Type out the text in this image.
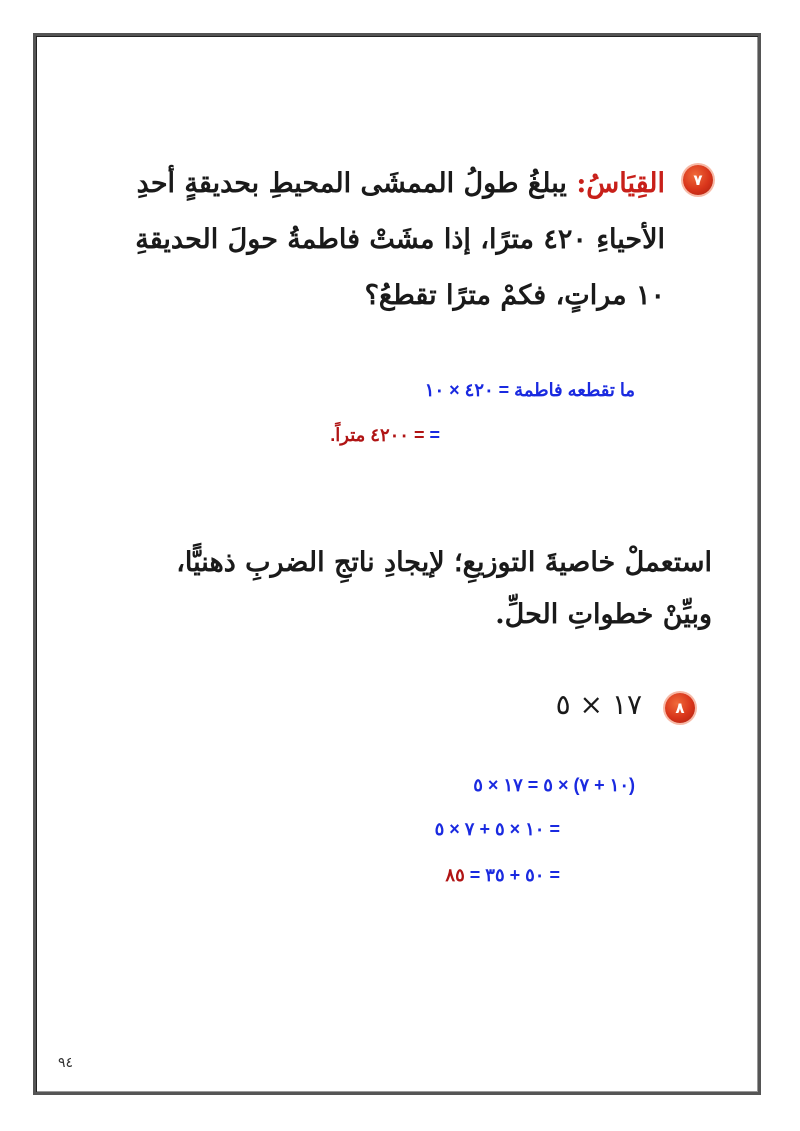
٧
القِيَاسُ: يبلغُ طولُ الممشَى المحيطِ بحديقةٍ أحدِ
الأحياءِ ٤٢٠ مترًا، إذا مشَتْ فاطمةُ حولَ الحديقةِ
١٠ مراتٍ، فكمْ مترًا تقطعُ؟
ما تقطعه فاطمة = ٤٢٠ × ١٠
= = ٤٢٠٠ متراً.
استعملْ خاصيةَ التوزيعِ؛ لإيجادِ ناتجِ الضربِ ذهنيًّا،
وبيِّنْ خطواتِ الحلِّ.
٨
١٧ × ٥
(١٠ + ٧) × ٥ = ١٧ × ٥
= ١٠ × ٥ + ٧ × ٥
= ٥٠ + ٣٥ = ٨٥
٩٤
